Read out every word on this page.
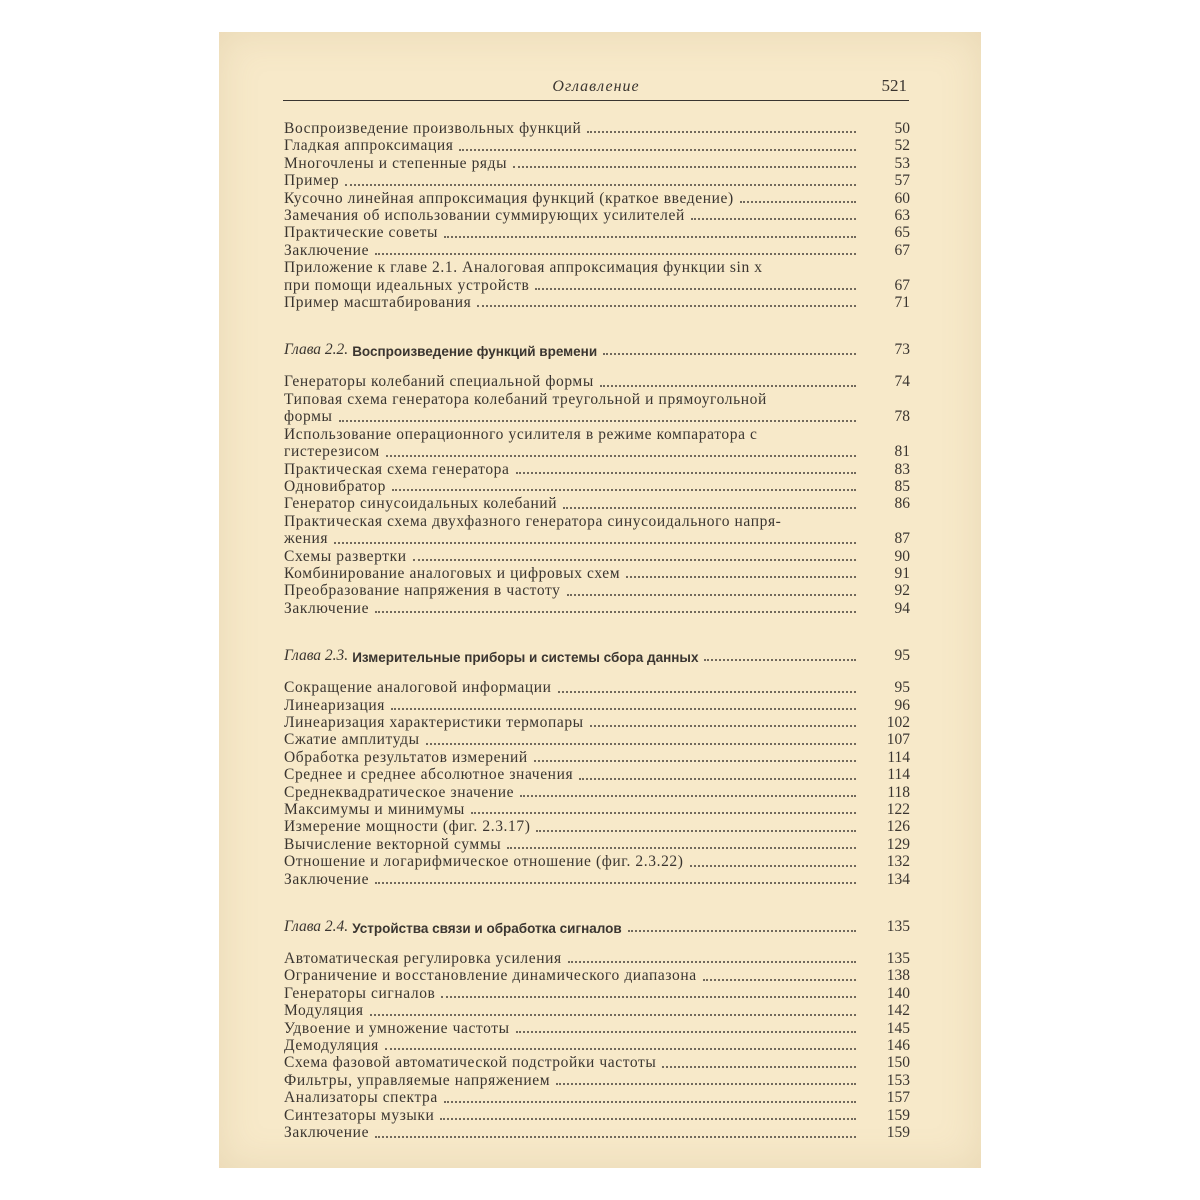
Оглавление	521
Воспроизведение произвольных функций	50
Гладкая аппроксимация	52
Многочлены и степенные ряды	53
Пример	57
Кусочно линейная аппроксимация функций (краткое введение)	60
Замечания об использовании суммирующих усилителей	63
Практические советы	65
Заключение	67
Приложение к главе 2.1. Аналоговая аппроксимация функции sin x
при помощи идеальных устройств	67
Пример масштабирования	71
Глава 2.2. Воспроизведение функций времени	73
Генераторы колебаний специальной формы	74
Типовая схема генератора колебаний треугольной и прямоугольной
формы	78
Использование операционного усилителя в режиме компаратора с
гистерезисом	81
Практическая схема генератора	83
Одновибратор	85
Генератор синусоидальных колебаний	86
Практическая схема двухфазного генератора синусоидального напря-
жения	87
Схемы развертки	90
Комбинирование аналоговых и цифровых схем	91
Преобразование напряжения в частоту	92
Заключение	94
Глава 2.3. Измерительные приборы и системы сбора данных	95
Сокращение аналоговой информации	95
Линеаризация	96
Линеаризация характеристики термопары	102
Сжатие амплитуды	107
Обработка результатов измерений	114
Среднее и среднее абсолютное значения	114
Среднеквадратическое значение	118
Максимумы и минимумы	122
Измерение мощности (фиг. 2.3.17)	126
Вычисление векторной суммы	129
Отношение и логарифмическое отношение (фиг. 2.3.22)	132
Заключение	134
Глава 2.4. Устройства связи и обработка сигналов	135
Автоматическая регулировка усиления	135
Ограничение и восстановление динамического диапазона	138
Генераторы сигналов	140
Модуляция	142
Удвоение и умножение частоты	145
Демодуляция	146
Схема фазовой автоматической подстройки частоты	150
Фильтры, управляемые напряжением	153
Анализаторы спектра	157
Синтезаторы музыки	159
Заключение	159
